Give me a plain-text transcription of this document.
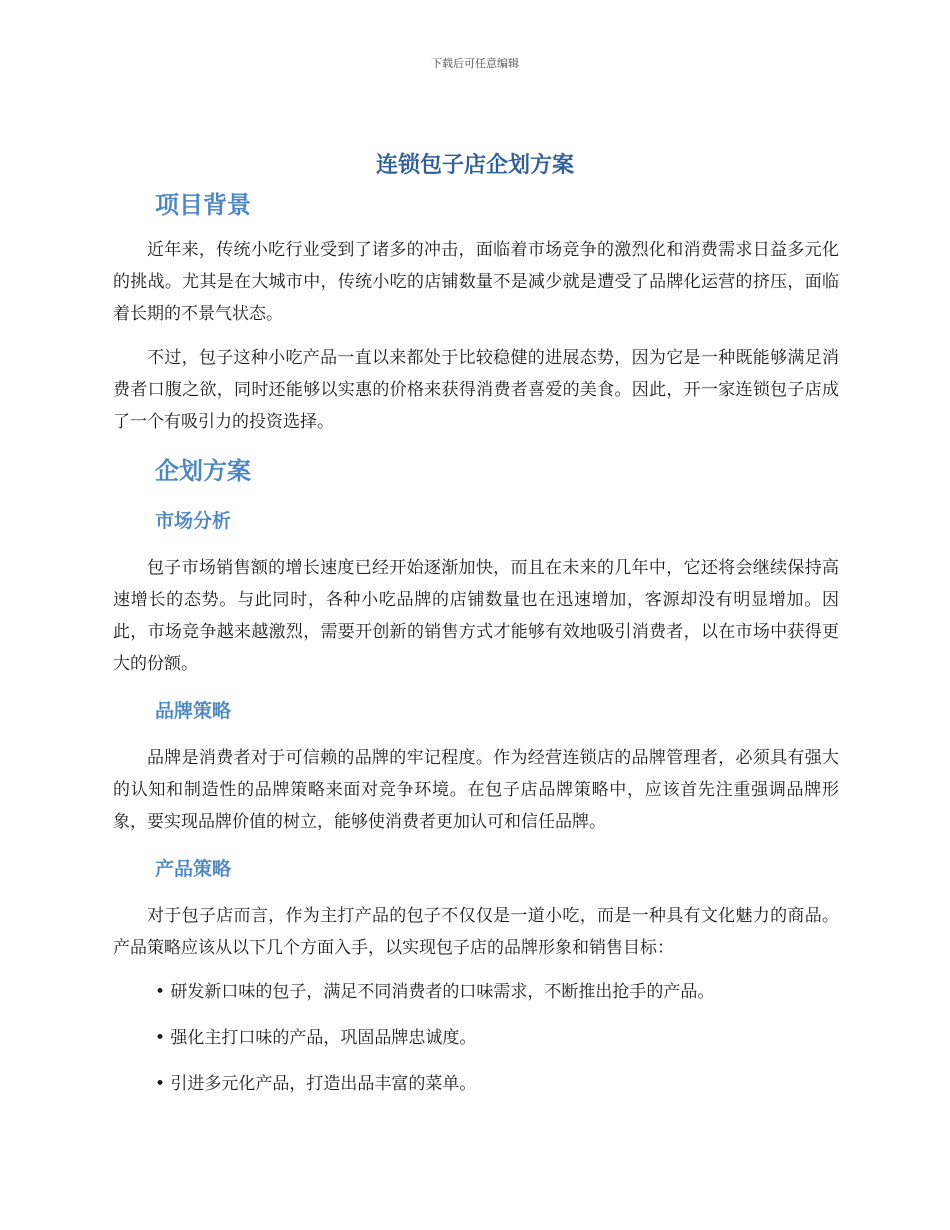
下载后可任意编辑
连锁包子店企划方案
项目背景

近年来，传统小吃行业受到了诸多的冲击，面临着市场竞争的激烈化和消费需求日益多元化的挑战。尤其是在大城市中，传统小吃的店铺数量不是减少就是遭受了品牌化运营的挤压，面临着长期的不景气状态。

不过，包子这种小吃产品一直以来都处于比较稳健的进展态势，因为它是一种既能够满足消费者口腹之欲，同时还能够以实惠的价格来获得消费者喜爱的美食。因此，开一家连锁包子店成了一个有吸引力的投资选择。

企划方案
市场分析

包子市场销售额的增长速度已经开始逐渐加快，而且在未来的几年中，它还将会继续保持高速增长的态势。与此同时，各种小吃品牌的店铺数量也在迅速增加，客源却没有明显增加。因此，市场竞争越来越激烈，需要开创新的销售方式才能够有效地吸引消费者，以在市场中获得更大的份额。

品牌策略

品牌是消费者对于可信赖的品牌的牢记程度。作为经营连锁店的品牌管理者，必须具有强大的认知和制造性的品牌策略来面对竞争环境。在包子店品牌策略中，应该首先注重强调品牌形象，要实现品牌价值的树立，能够使消费者更加认可和信任品牌。

产品策略

对于包子店而言，作为主打产品的包子不仅仅是一道小吃，而是一种具有文化魅力的商品。产品策略应该从以下几个方面入手，以实现包子店的品牌形象和销售目标：

• 研发新口味的包子，满足不同消费者的口味需求，不断推出抢手的产品。

• 强化主打口味的产品，巩固品牌忠诚度。

• 引进多元化产品，打造出品丰富的菜单。
